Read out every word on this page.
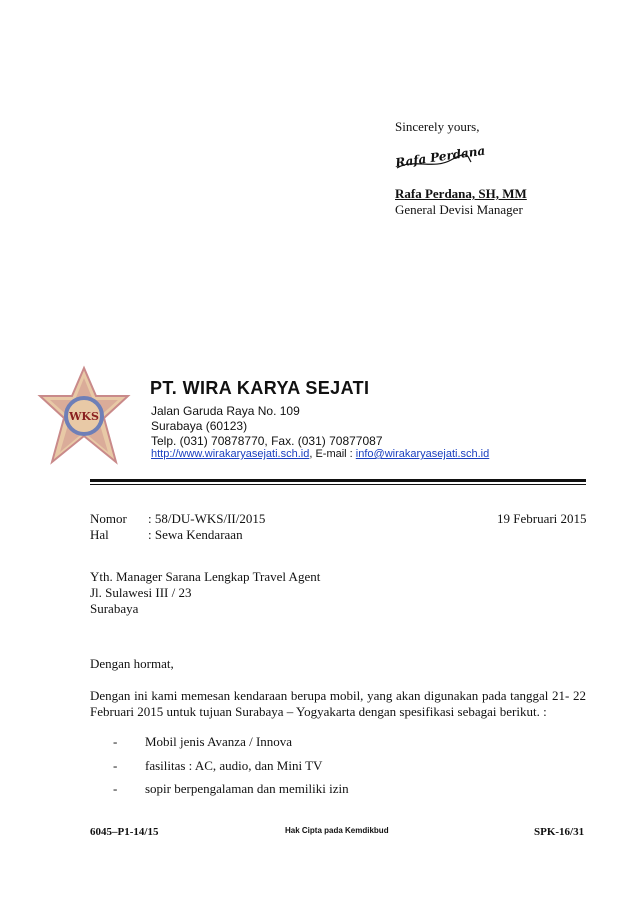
Sincerely yours,
Rafa Perdana
Rafa Perdana, SH, MM
General Devisi Manager
WKS
PT. WIRA KARYA SEJATI
Jalan Garuda Raya No. 109
Surabaya (60123)
Telp. (031) 70878770, Fax. (031) 70877087
http://www.wirakaryasejati.sch.id, E-mail : info@wirakaryasejati.sch.id
Nomor : 58/DU-WKS/II/2015	19 Februari 2015
Hal	: Sewa Kendaraan
Yth. Manager Sarana Lengkap Travel Agent
Jl. Sulawesi III / 23
Surabaya
Dengan hormat,
Dengan ini kami memesan kendaraan berupa mobil, yang akan digunakan pada tanggal 21- 22 Februari 2015 untuk tujuan Surabaya – Yogyakarta dengan spesifikasi sebagai berikut. :
- Mobil jenis Avanza / Innova
- fasilitas : AC, audio, dan Mini TV
- sopir berpengalaman dan memiliki izin
6045–P1-14/15	Hak Cipta pada Kemdikbud	SPK-16/31
